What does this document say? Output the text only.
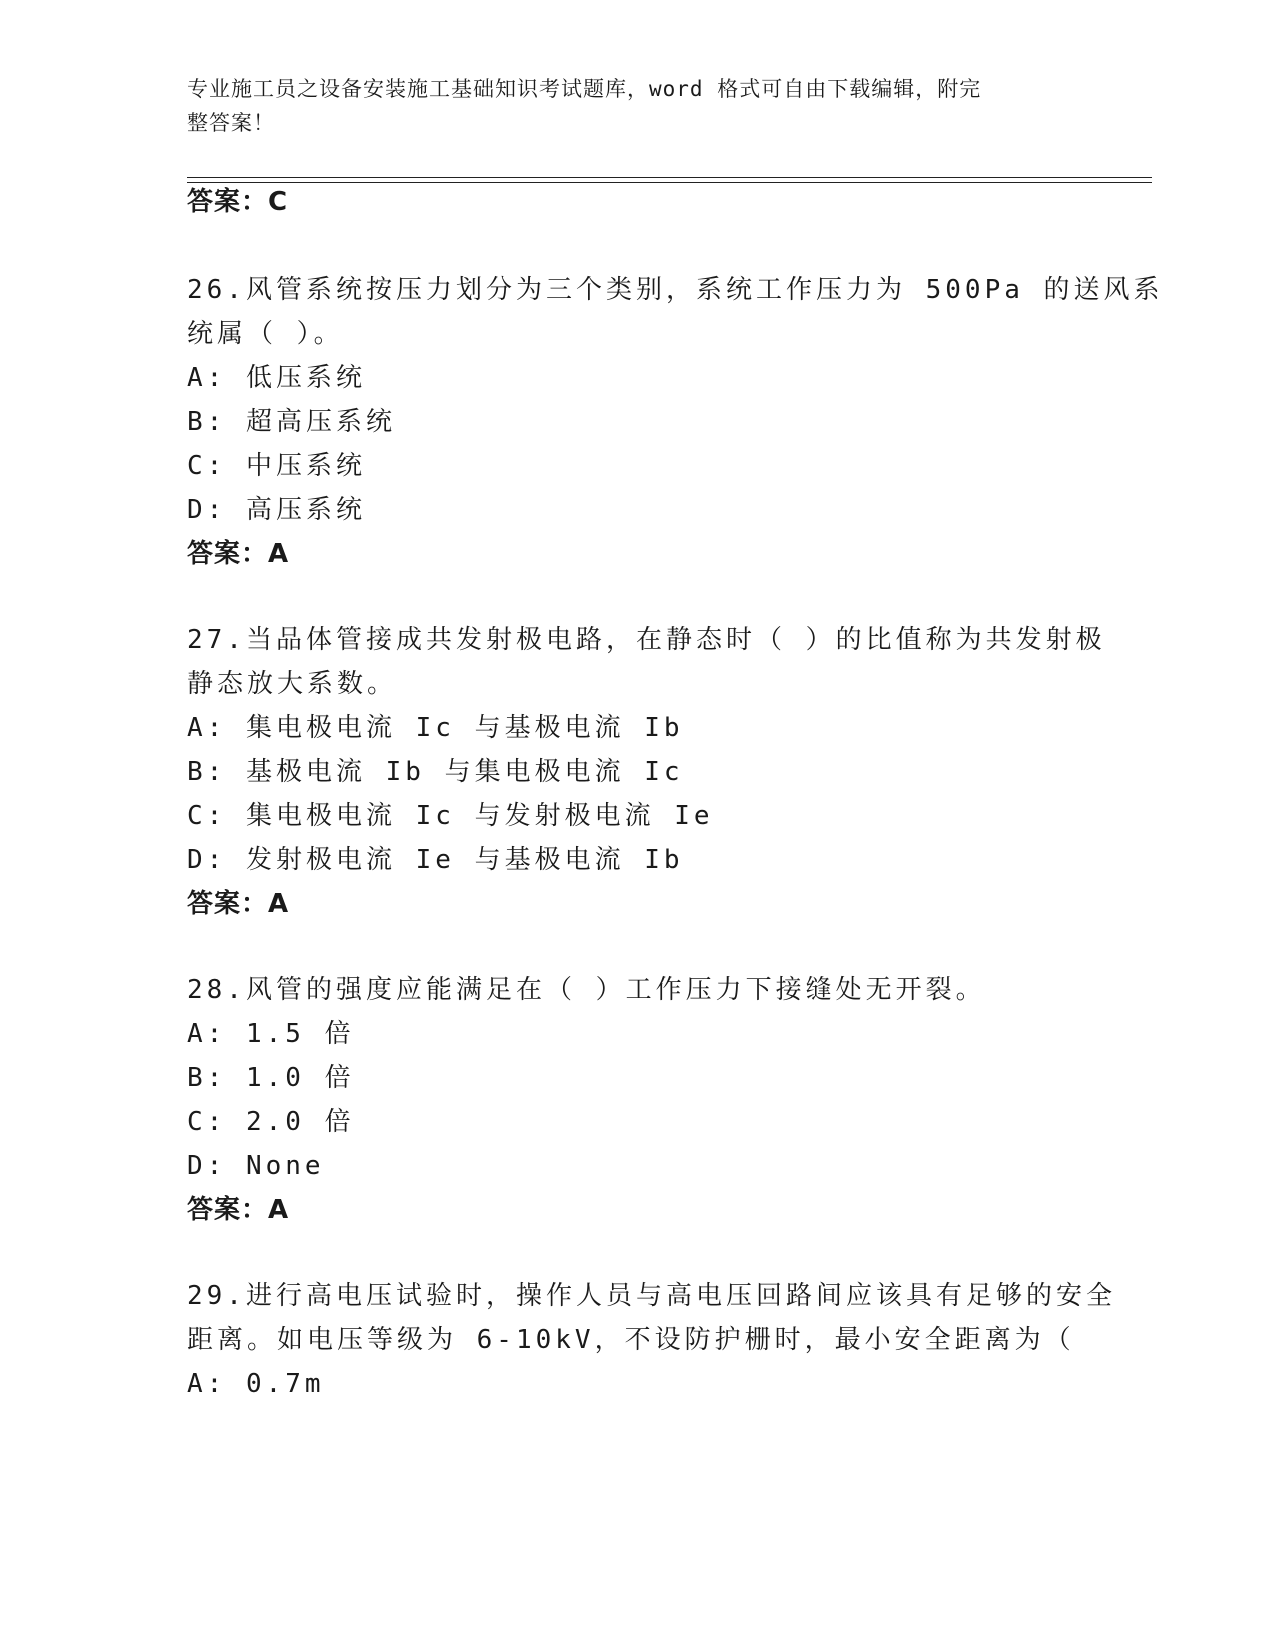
专业施工员之设备安装施工基础知识考试题库，word 格式可自由下载编辑，附完
整答案！
答案：C
26.风管系统按压力划分为三个类别，系统工作压力为 500Pa 的送风系
统属（ ）。
A: 低压系统
B: 超高压系统
C: 中压系统
D: 高压系统
答案：A
27.当品体管接成共发射极电路，在静态时（ ）的比值称为共发射极
静态放大系数。
A: 集电极电流 Ic 与基极电流 Ib
B: 基极电流 Ib 与集电极电流 Ic
C: 集电极电流 Ic 与发射极电流 Ie
D: 发射极电流 Ie 与基极电流 Ib
答案：A
28.风管的强度应能满足在（ ）工作压力下接缝处无开裂。
A: 1.5 倍
B: 1.0 倍
C: 2.0 倍
D: None
答案：A
29.进行高电压试验时，操作人员与高电压回路间应该具有足够的安全
距离。如电压等级为 6-10kV，不设防护栅时，最小安全距离为（
A: 0.7m
